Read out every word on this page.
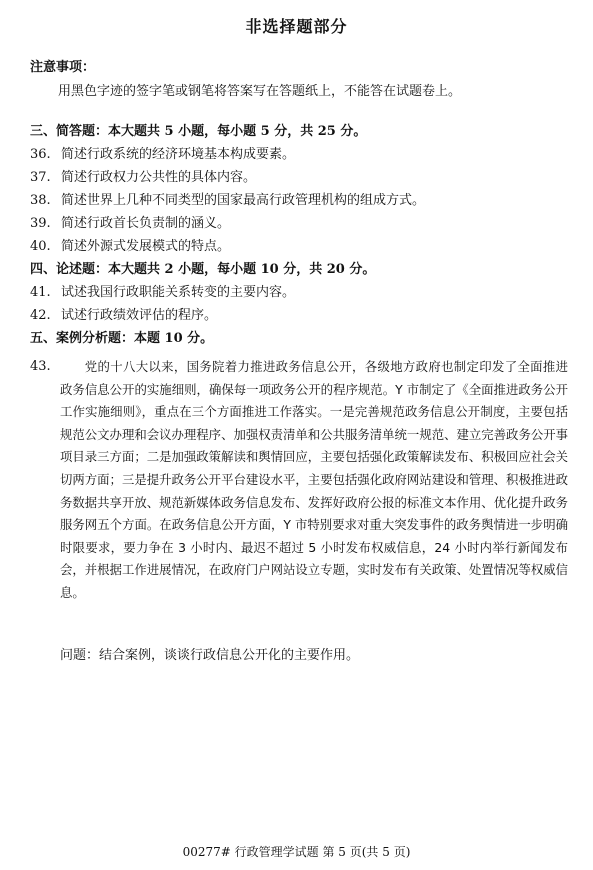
非选择题部分
注意事项：
用黑色字迹的签字笔或钢笔将答案写在答题纸上，不能答在试题卷上。
三、简答题：本大题共 5 小题，每小题 5 分，共 25 分。
36. 简述行政系统的经济环境基本构成要素。
37. 简述行政权力公共性的具体内容。
38. 简述世界上几种不同类型的国家最高行政管理机构的组成方式。
39. 简述行政首长负责制的涵义。
40. 简述外源式发展模式的特点。
四、论述题：本大题共 2 小题，每小题 10 分，共 20 分。
41. 试述我国行政职能关系转变的主要内容。
42. 试述行政绩效评估的程序。
五、案例分析题：本题 10 分。
43.	党的十八大以来，国务院着力推进政务信息公开，各级地方政府也制定印发了全面推进政务信息公开的实施细则，确保每一项政务公开的程序规范。Y 市制定了《全面推进政务公开工作实施细则》，重点在三个方面推进工作落实。一是完善规范政务信息公开制度，主要包括规范公文办理和会议办理程序、加强权责清单和公共服务清单统一规范、建立完善政务公开事项目录三方面；二是加强政策解读和舆情回应，主要包括强化政策解读发布、积极回应社会关切两方面；三是提升政务公开平台建设水平，主要包括强化政府网站建设和管理、积极推进政务数据共享开放、规范新媒体政务信息发布、发挥好政府公报的标准文本作用、优化提升政务服务网五个方面。在政务信息公开方面，Y 市特别要求对重大突发事件的政务舆情进一步明确时限要求，要力争在 3 小时内、最迟不超过 5 小时发布权威信息，24 小时内举行新闻发布会，并根据工作进展情况，在政府门户网站设立专题，实时发布有关政策、处置情况等权威信息。
问题：结合案例，谈谈行政信息公开化的主要作用。
00277# 行政管理学试题 第 5 页(共 5 页)
